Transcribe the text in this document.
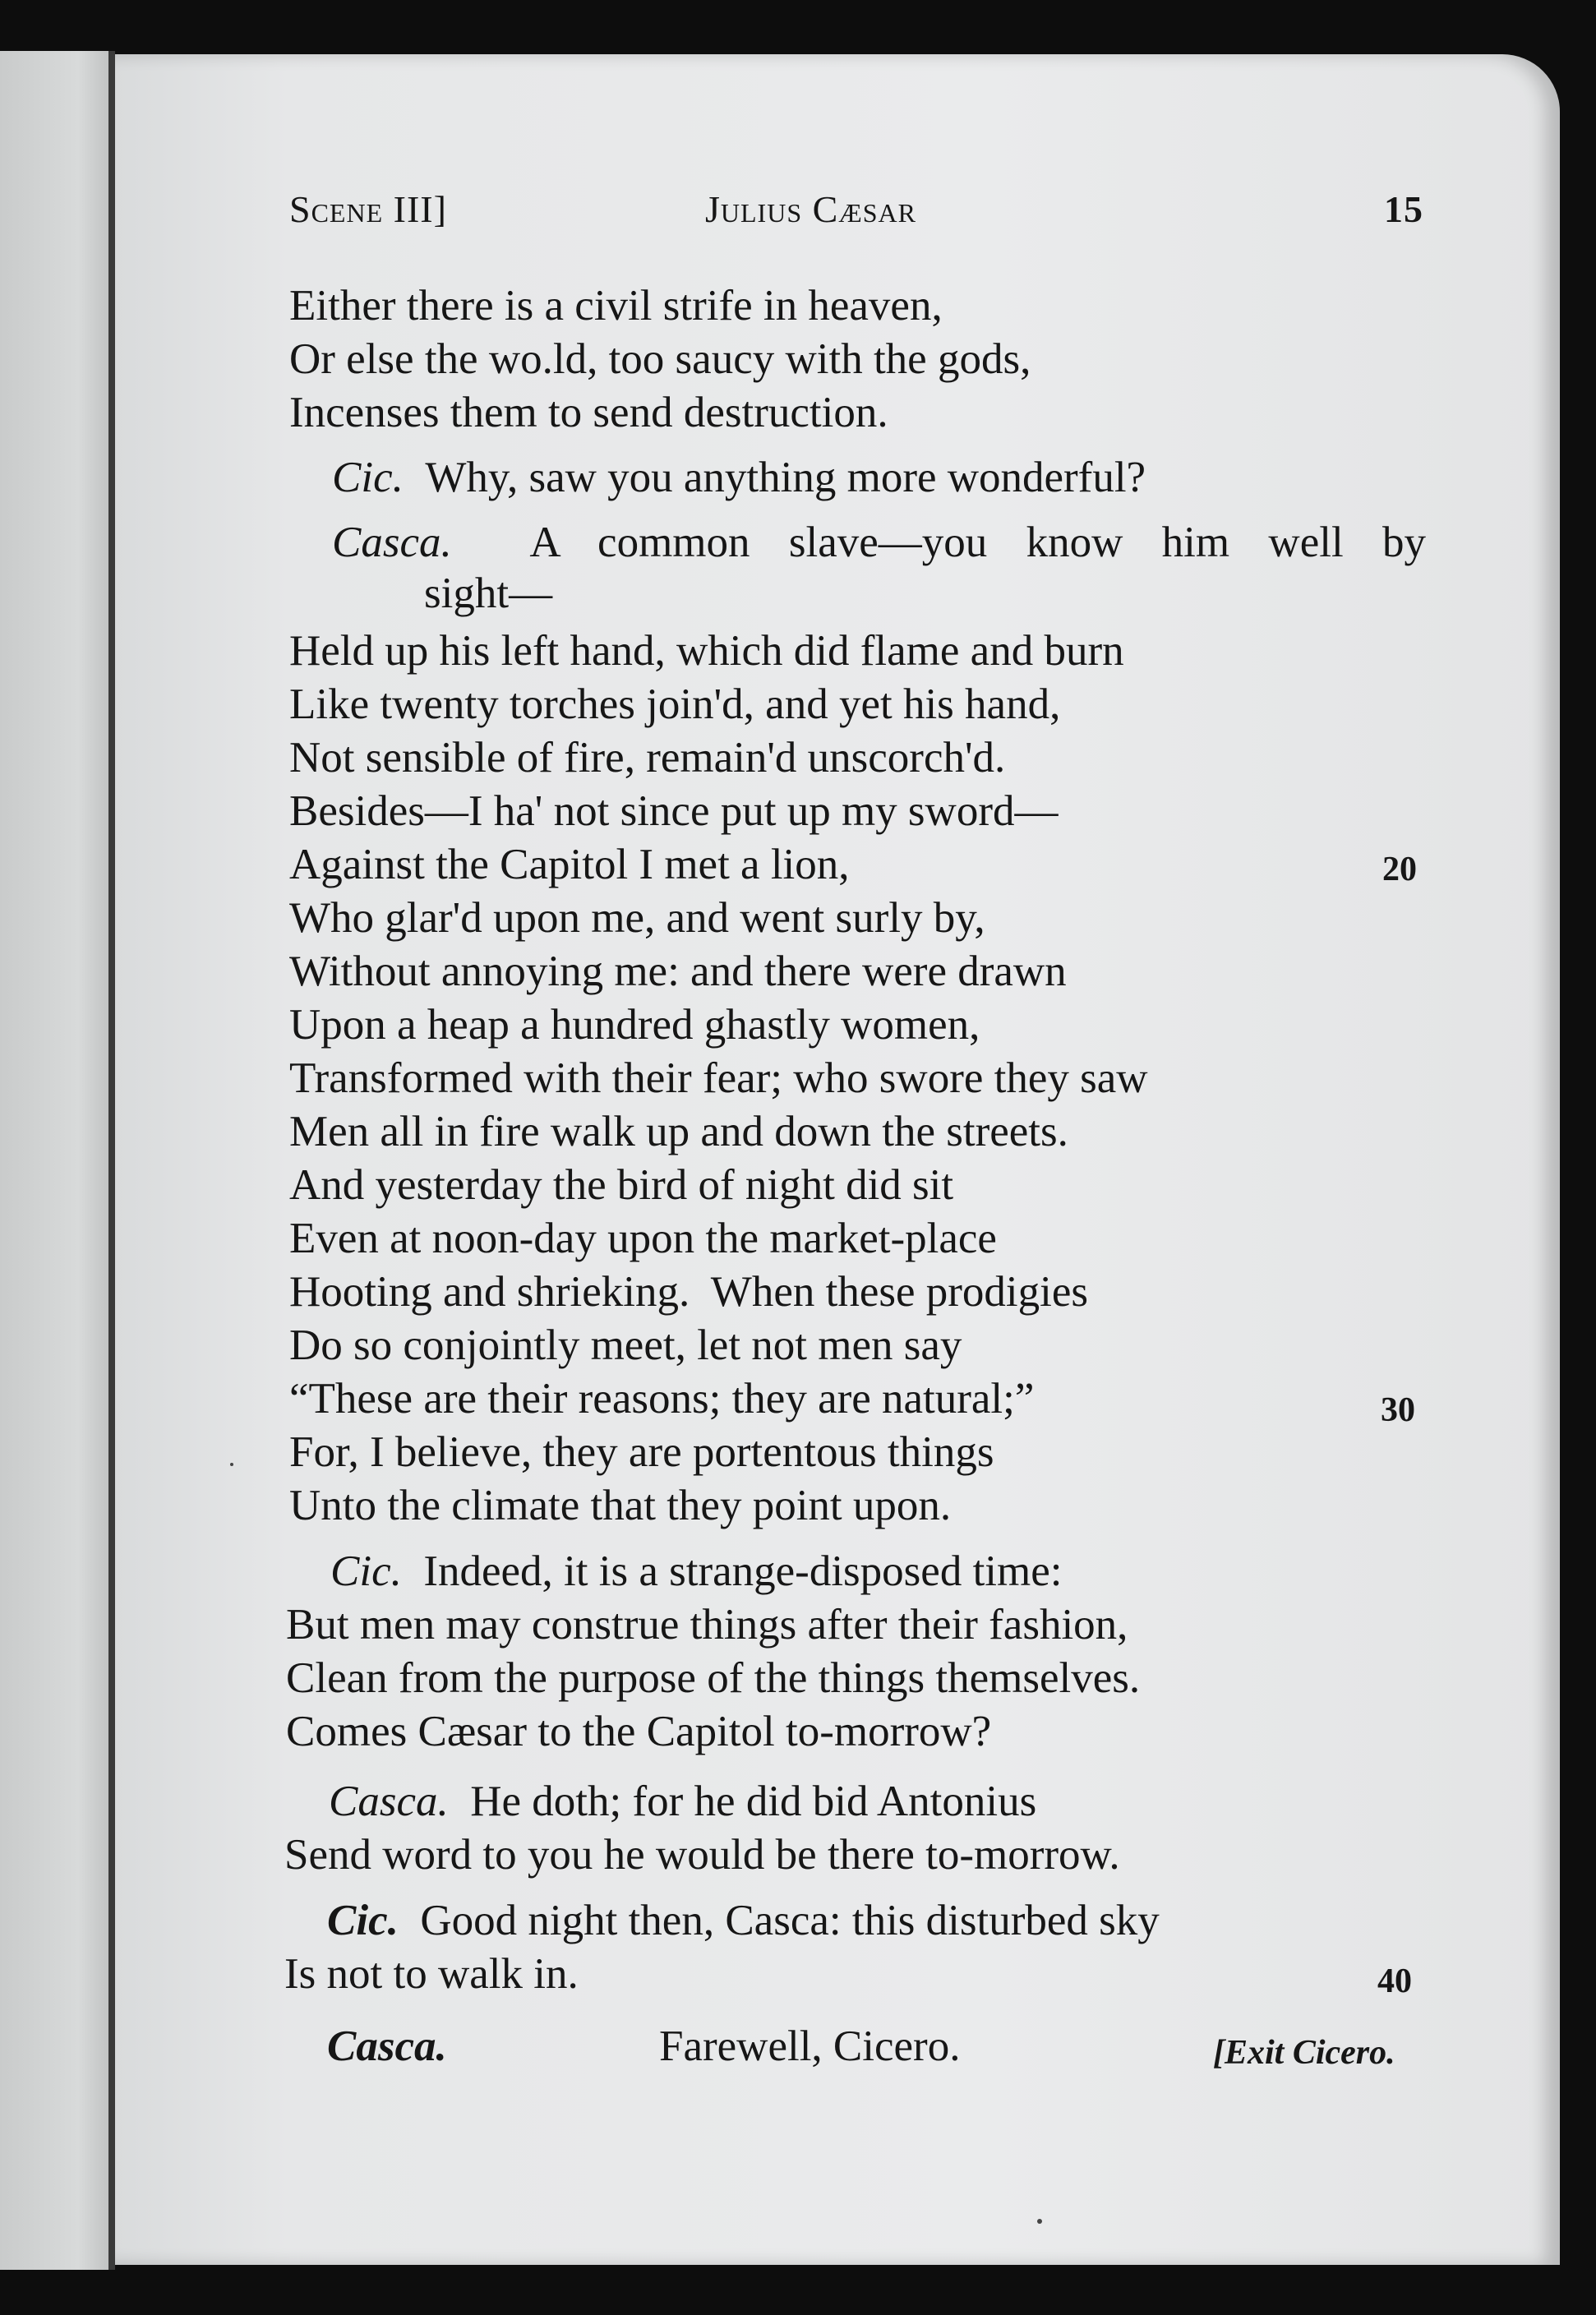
Scene III]	Julius Cæsar	15
Either there is a civil strife in heaven,
Or else the wo.ld, too saucy with the gods,
Incenses them to send destruction.
Cic. Why, saw you anything more wonderful?
Casca. A common slave—you know him well by
sight—
Held up his left hand, which did flame and burn
Like twenty torches join'd, and yet his hand,
Not sensible of fire, remain'd unscorch'd.
Besides—I ha' not since put up my sword—
Against the Capitol I met a lion,	20
Who glar'd upon me, and went surly by,
Without annoying me: and there were drawn
Upon a heap a hundred ghastly women,
Transformed with their fear; who swore they saw
Men all in fire walk up and down the streets.
And yesterday the bird of night did sit
Even at noon-day upon the market-place
Hooting and shrieking.  When these prodigies
Do so conjointly meet, let not men say
“These are their reasons; they are natural;”	30
For, I believe, they are portentous things
Unto the climate that they point upon.
Cic. Indeed, it is a strange-disposed time:
But men may construe things after their fashion,
Clean from the purpose of the things themselves.
Comes Cæsar to the Capitol to-morrow?
Casca. He doth; for he did bid Antonius
Send word to you he would be there to-morrow.
Cic. Good night then, Casca: this disturbed sky
Is not to walk in.	40
Casca.	Farewell, Cicero.	[Exit Cicero.
